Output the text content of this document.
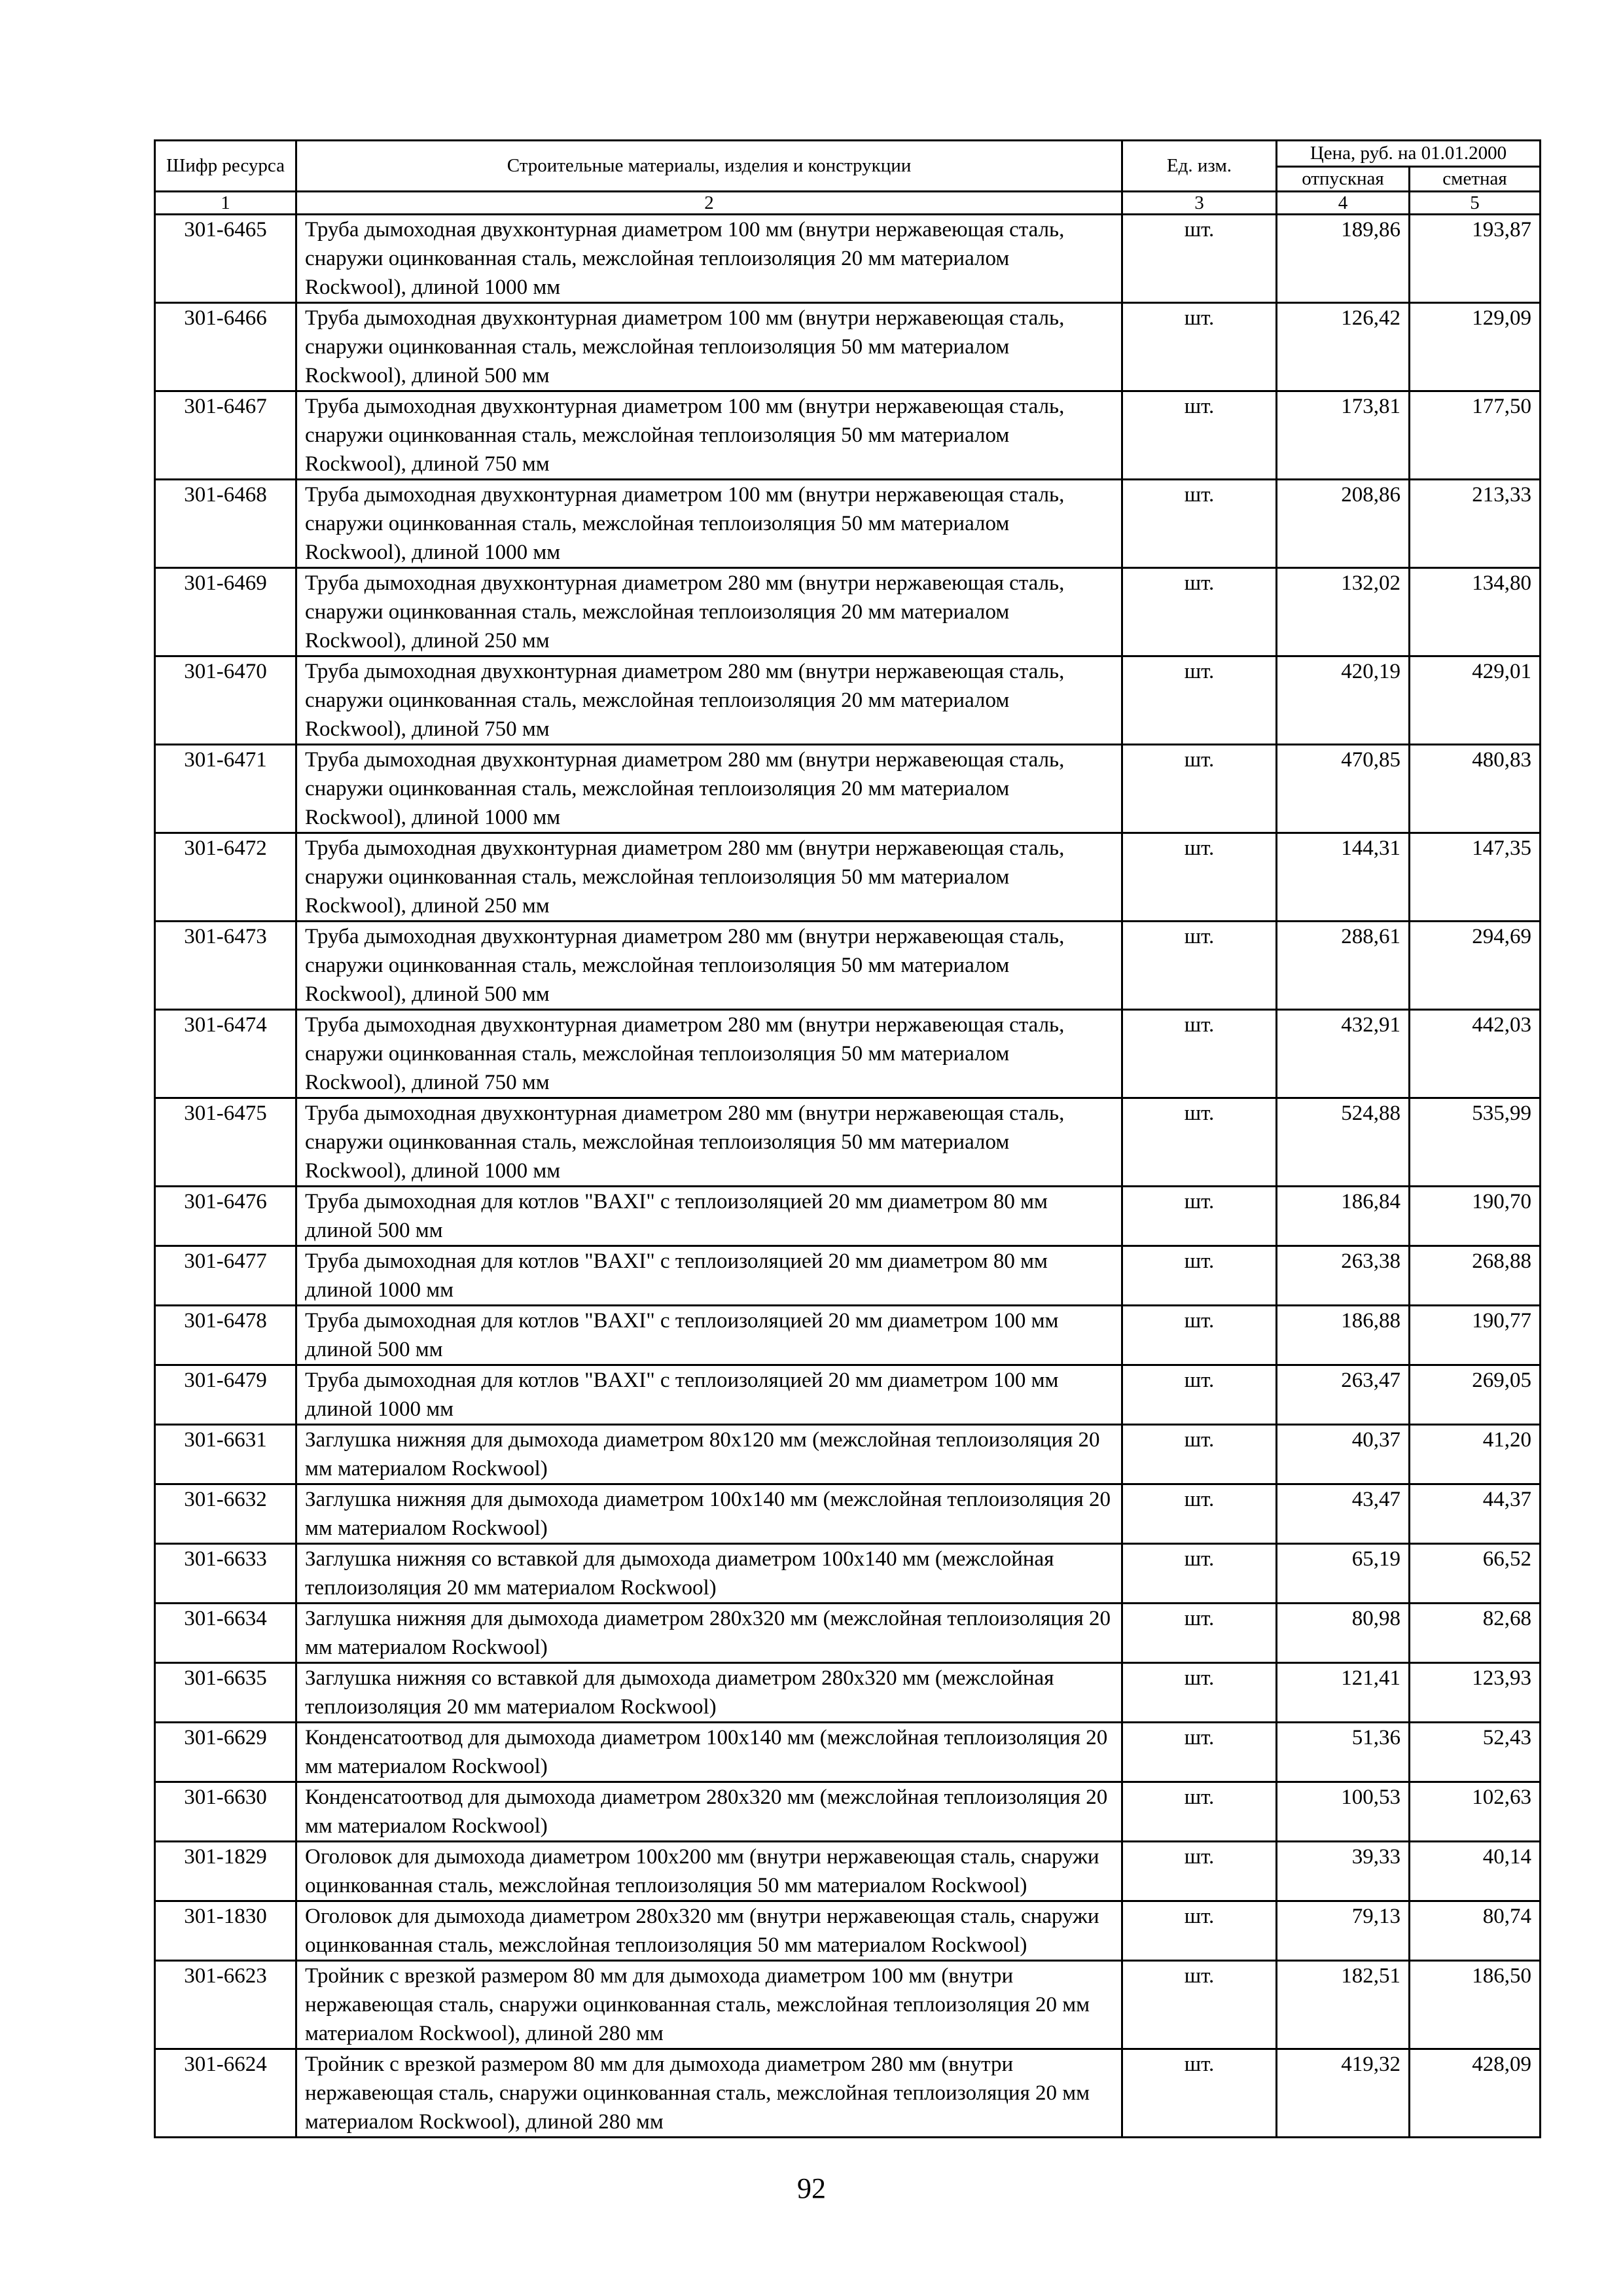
Шифр ресурса	Строительные материалы, изделия и конструкции	Ед. изм.	Цена, руб. на 01.01.2000	
			отпускная	сметная
1	2	3	4	5
301-6465	Труба дымоходная двухконтурная диаметром 100 мм (внутри нержавеющая сталь, снаружи оцинкованная сталь, межслойная теплоизоляция 20 мм материалом Rockwool), длиной 1000 мм	шт.	189,86	193,87
301-6466	Труба дымоходная двухконтурная диаметром 100 мм (внутри нержавеющая сталь, снаружи оцинкованная сталь, межслойная теплоизоляция 50 мм материалом Rockwool), длиной 500 мм	шт.	126,42	129,09
301-6467	Труба дымоходная двухконтурная диаметром 100 мм (внутри нержавеющая сталь, снаружи оцинкованная сталь, межслойная теплоизоляция 50 мм материалом Rockwool), длиной 750 мм	шт.	173,81	177,50
301-6468	Труба дымоходная двухконтурная диаметром 100 мм (внутри нержавеющая сталь, снаружи оцинкованная сталь, межслойная теплоизоляция 50 мм материалом Rockwool), длиной 1000 мм	шт.	208,86	213,33
301-6469	Труба дымоходная двухконтурная диаметром 280 мм (внутри нержавеющая сталь, снаружи оцинкованная сталь, межслойная теплоизоляция 20 мм материалом Rockwool), длиной 250 мм	шт.	132,02	134,80
301-6470	Труба дымоходная двухконтурная диаметром 280 мм (внутри нержавеющая сталь, снаружи оцинкованная сталь, межслойная теплоизоляция 20 мм материалом Rockwool), длиной 750 мм	шт.	420,19	429,01
301-6471	Труба дымоходная двухконтурная диаметром 280 мм (внутри нержавеющая сталь, снаружи оцинкованная сталь, межслойная теплоизоляция 20 мм материалом Rockwool), длиной 1000 мм	шт.	470,85	480,83
301-6472	Труба дымоходная двухконтурная диаметром 280 мм (внутри нержавеющая сталь, снаружи оцинкованная сталь, межслойная теплоизоляция 50 мм материалом Rockwool), длиной 250 мм	шт.	144,31	147,35
301-6473	Труба дымоходная двухконтурная диаметром 280 мм (внутри нержавеющая сталь, снаружи оцинкованная сталь, межслойная теплоизоляция 50 мм материалом Rockwool), длиной 500 мм	шт.	288,61	294,69
301-6474	Труба дымоходная двухконтурная диаметром 280 мм (внутри нержавеющая сталь, снаружи оцинкованная сталь, межслойная теплоизоляция 50 мм материалом Rockwool), длиной 750 мм	шт.	432,91	442,03
301-6475	Труба дымоходная двухконтурная диаметром 280 мм (внутри нержавеющая сталь, снаружи оцинкованная сталь, межслойная теплоизоляция 50 мм материалом Rockwool), длиной 1000 мм	шт.	524,88	535,99
301-6476	Труба дымоходная для котлов "BAXI" с теплоизоляцией 20 мм диаметром 80 мм длиной 500 мм	шт.	186,84	190,70
301-6477	Труба дымоходная для котлов "BAXI" с теплоизоляцией 20 мм диаметром 80 мм длиной 1000 мм	шт.	263,38	268,88
301-6478	Труба дымоходная для котлов "BAXI" с теплоизоляцией 20 мм диаметром 100 мм длиной 500 мм	шт.	186,88	190,77
301-6479	Труба дымоходная для котлов "BAXI" с теплоизоляцией 20 мм диаметром 100 мм длиной 1000 мм	шт.	263,47	269,05
301-6631	Заглушка нижняя для дымохода диаметром 80x120 мм (межслойная теплоизоляция 20 мм материалом Rockwool)	шт.	40,37	41,20
301-6632	Заглушка нижняя для дымохода диаметром 100x140 мм (межслойная теплоизоляция 20 мм материалом Rockwool)	шт.	43,47	44,37
301-6633	Заглушка нижняя со вставкой для дымохода диаметром 100x140 мм (межслойная теплоизоляция 20 мм материалом Rockwool)	шт.	65,19	66,52
301-6634	Заглушка нижняя для дымохода диаметром 280x320 мм (межслойная теплоизоляция 20 мм материалом Rockwool)	шт.	80,98	82,68
301-6635	Заглушка нижняя со вставкой для дымохода диаметром 280x320 мм (межслойная теплоизоляция 20 мм материалом Rockwool)	шт.	121,41	123,93
301-6629	Конденсатоотвод для дымохода диаметром 100x140 мм (межслойная теплоизоляция 20 мм материалом Rockwool)	шт.	51,36	52,43
301-6630	Конденсатоотвод для дымохода диаметром 280x320 мм (межслойная теплоизоляция 20 мм материалом Rockwool)	шт.	100,53	102,63
301-1829	Оголовок для дымохода диаметром 100x200 мм (внутри нержавеющая сталь, снаружи оцинкованная сталь, межслойная теплоизоляция 50 мм материалом Rockwool)	шт.	39,33	40,14
301-1830	Оголовок для дымохода диаметром 280x320 мм (внутри нержавеющая сталь, снаружи оцинкованная сталь, межслойная теплоизоляция 50 мм материалом Rockwool)	шт.	79,13	80,74
301-6623	Тройник с врезкой размером 80 мм для дымохода диаметром 100 мм (внутри нержавеющая сталь, снаружи оцинкованная сталь, межслойная теплоизоляция 20 мм материалом Rockwool), длиной 280 мм	шт.	182,51	186,50
301-6624	Тройник с врезкой размером 80 мм для дымохода диаметром 280 мм (внутри нержавеющая сталь, снаружи оцинкованная сталь, межслойная теплоизоляция 20 мм материалом Rockwool), длиной 280 мм	шт.	419,32	428,09
92
